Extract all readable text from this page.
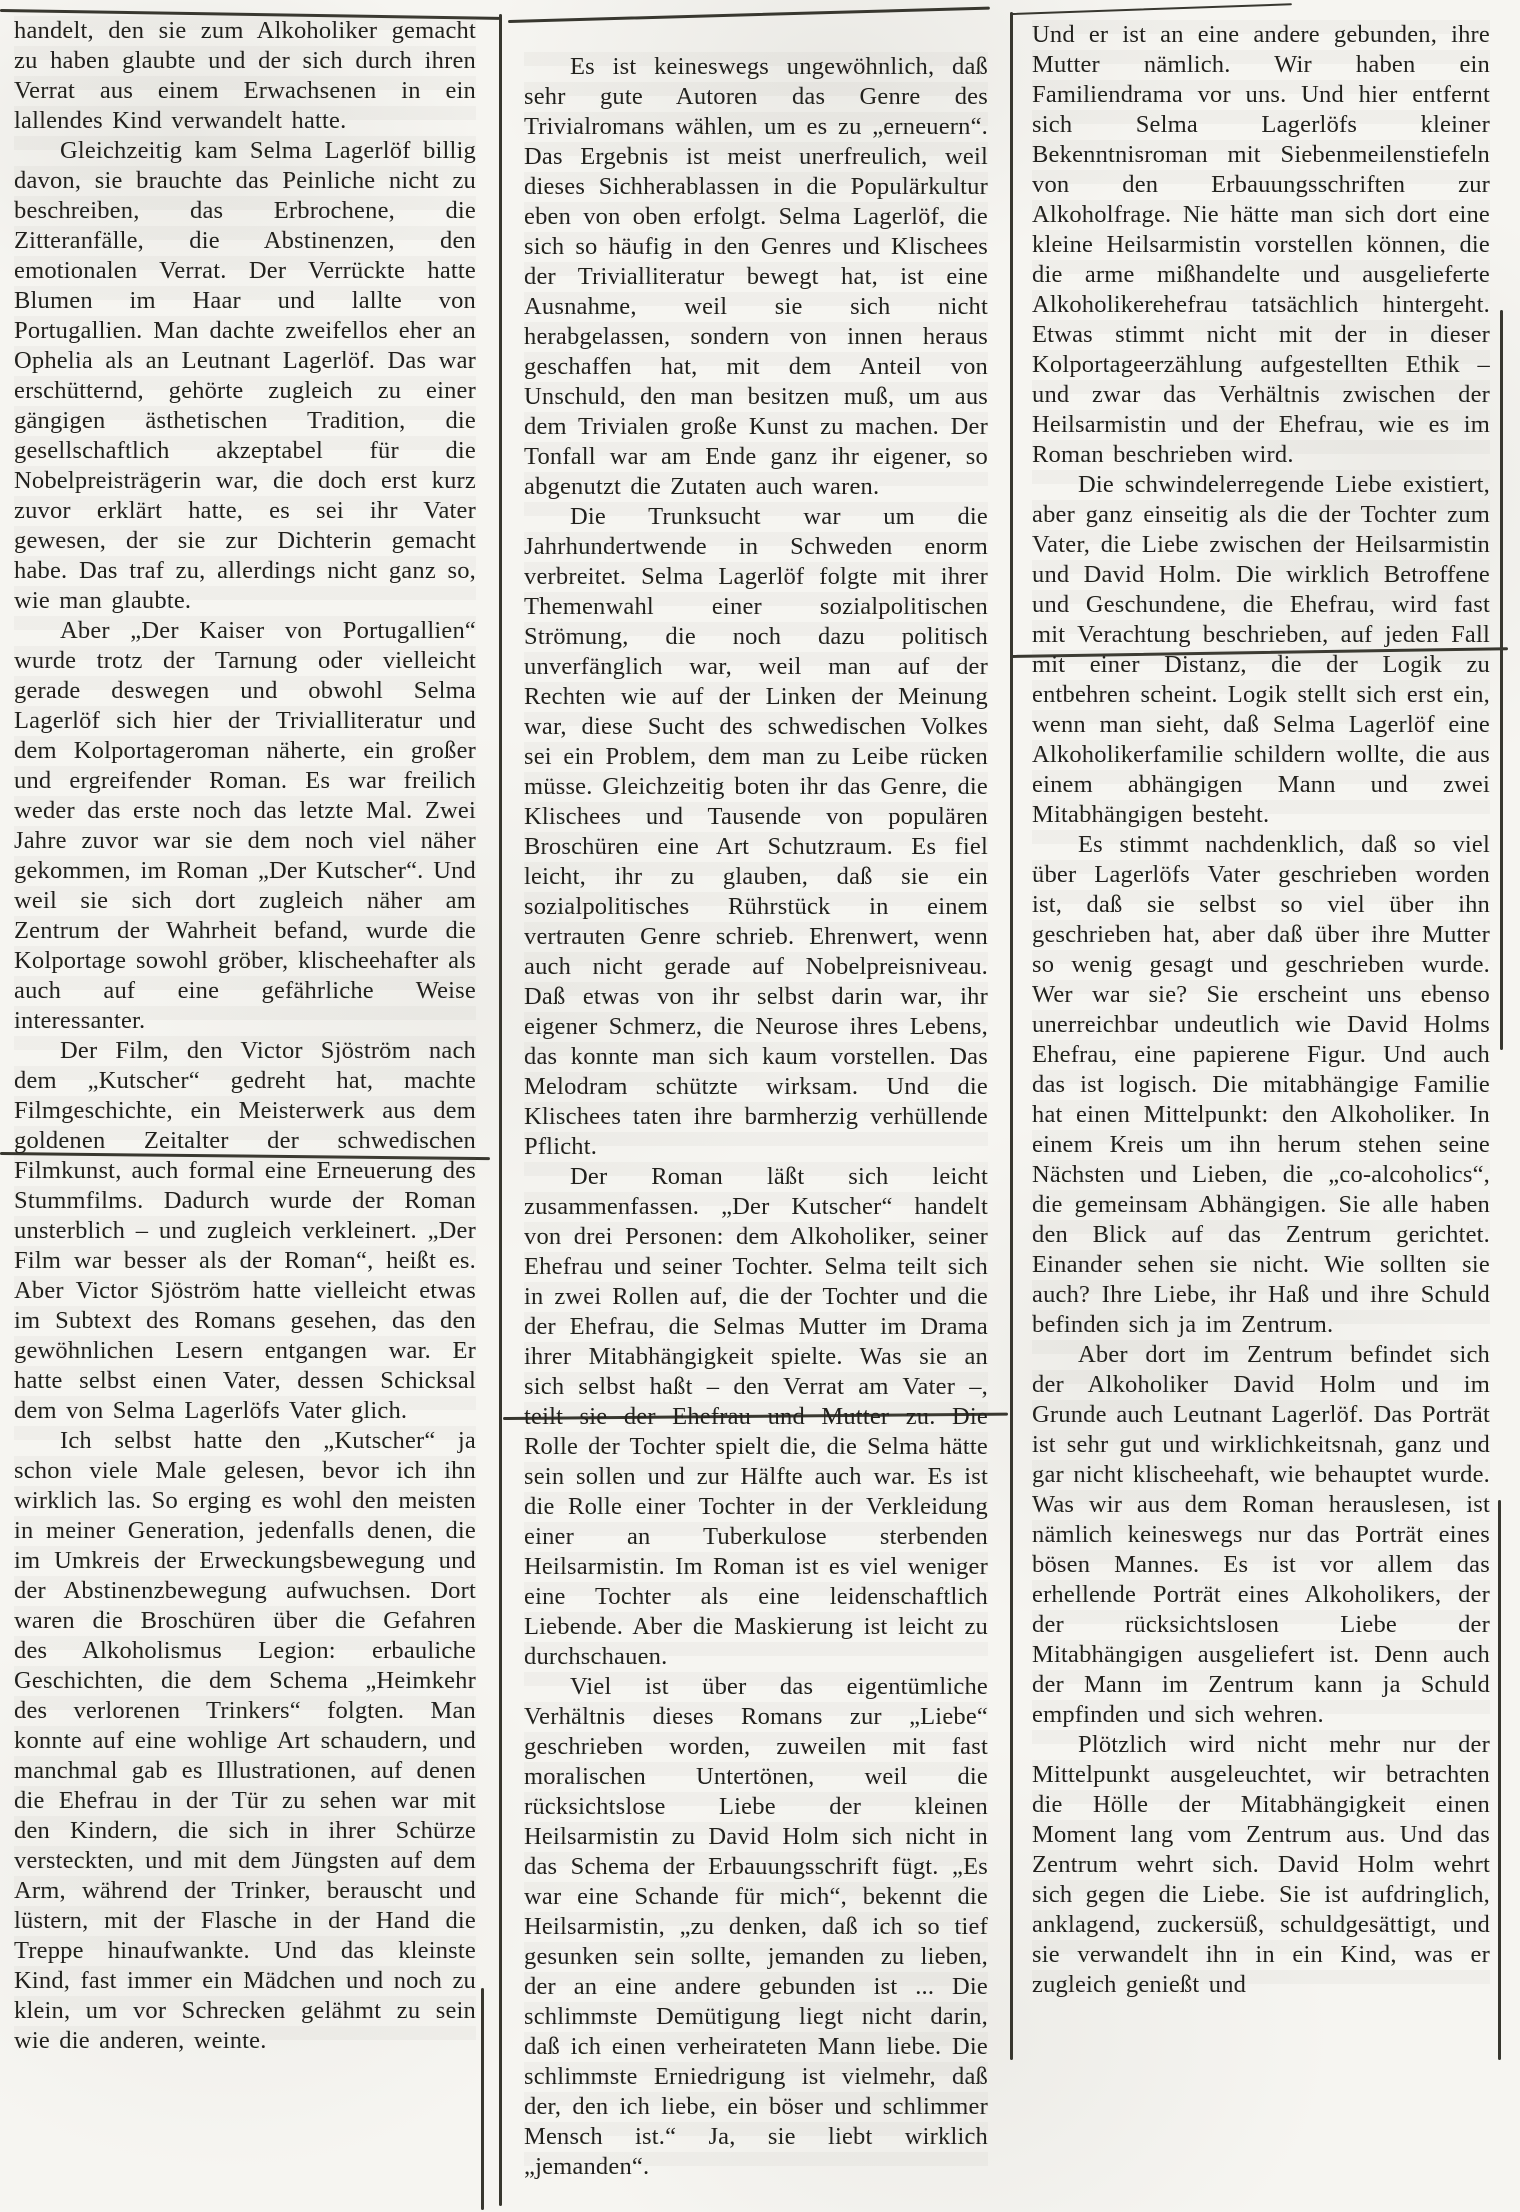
handelt, den sie zum Alkoholiker gemacht zu haben glaubte und der sich durch ihren Verrat aus einem Erwachsenen in ein lallendes Kind verwandelt hatte.

Gleichzeitig kam Selma Lagerlöf billig davon, sie brauchte das Peinliche nicht zu beschreiben, das Erbrochene, die Zitteranfälle, die Abstinenzen, den emotionalen Verrat. Der Verrückte hatte Blumen im Haar und lallte von Portugallien. Man dachte zweifellos eher an Ophelia als an Leutnant Lagerlöf. Das war erschütternd, gehörte zugleich zu einer gängigen ästhetischen Tradition, die gesellschaftlich akzeptabel für die Nobelpreisträgerin war, die doch erst kurz zuvor erklärt hatte, es sei ihr Vater gewesen, der sie zur Dichterin gemacht habe. Das traf zu, allerdings nicht ganz so, wie man glaubte.

Aber „Der Kaiser von Portugallien“ wurde trotz der Tarnung oder vielleicht gerade deswegen und obwohl Selma Lagerlöf sich hier der Trivialliteratur und dem Kolportageroman näherte, ein großer und ergreifender Roman. Es war freilich weder das erste noch das letzte Mal. Zwei Jahre zuvor war sie dem noch viel näher gekommen, im Roman „Der Kutscher“. Und weil sie sich dort zugleich näher am Zentrum der Wahrheit befand, wurde die Kolportage sowohl gröber, klischeehafter als auch auf eine gefährliche Weise interessanter.

Der Film, den Victor Sjöström nach dem „Kutscher“ gedreht hat, machte Filmgeschichte, ein Meisterwerk aus dem goldenen Zeitalter der schwedischen Filmkunst, auch formal eine Erneuerung des Stummfilms. Dadurch wurde der Roman unsterblich – und zugleich verkleinert. „Der Film war besser als der Roman“, heißt es. Aber Victor Sjöström hatte vielleicht etwas im Subtext des Romans gesehen, das den gewöhnlichen Lesern entgangen war. Er hatte selbst einen Vater, dessen Schicksal dem von Selma Lagerlöfs Vater glich.

Ich selbst hatte den „Kutscher“ ja schon viele Male gelesen, bevor ich ihn wirklich las. So erging es wohl den meisten in meiner Generation, jedenfalls denen, die im Umkreis der Erweckungsbewegung und der Abstinenzbewegung aufwuchsen. Dort waren die Broschüren über die Gefahren des Alkoholismus Legion: erbauliche Geschichten, die dem Schema „Heimkehr des verlorenen Trinkers“ folgten. Man konnte auf eine wohlige Art schaudern, und manchmal gab es Illustrationen, auf denen die Ehefrau in der Tür zu sehen war mit den Kindern, die sich in ihrer Schürze versteckten, und mit dem Jüngsten auf dem Arm, während der Trinker, berauscht und lüstern, mit der Flasche in der Hand die Treppe hinaufwankte. Und das kleinste Kind, fast immer ein Mädchen und noch zu klein, um vor Schrecken gelähmt zu sein wie die anderen, weinte.

Es ist keineswegs ungewöhnlich, daß sehr gute Autoren das Genre des Trivialromans wählen, um es zu „erneuern“. Das Ergebnis ist meist unerfreulich, weil dieses Sichherablassen in die Populärkultur eben von oben erfolgt. Selma Lagerlöf, die sich so häufig in den Genres und Klischees der Trivialliteratur bewegt hat, ist eine Ausnahme, weil sie sich nicht herabgelassen, sondern von innen heraus geschaffen hat, mit dem Anteil von Unschuld, den man besitzen muß, um aus dem Trivialen große Kunst zu machen. Der Tonfall war am Ende ganz ihr eigener, so abgenutzt die Zutaten auch waren.

Die Trunksucht war um die Jahrhundertwende in Schweden enorm verbreitet. Selma Lagerlöf folgte mit ihrer Themenwahl einer sozialpolitischen Strömung, die noch dazu politisch unverfänglich war, weil man auf der Rechten wie auf der Linken der Meinung war, diese Sucht des schwedischen Volkes sei ein Problem, dem man zu Leibe rücken müsse. Gleichzeitig boten ihr das Genre, die Klischees und Tausende von populären Broschüren eine Art Schutzraum. Es fiel leicht, ihr zu glauben, daß sie ein sozialpolitisches Rührstück in einem vertrauten Genre schrieb. Ehrenwert, wenn auch nicht gerade auf Nobelpreisniveau. Daß etwas von ihr selbst darin war, ihr eigener Schmerz, die Neurose ihres Lebens, das konnte man sich kaum vorstellen. Das Melodram schützte wirksam. Und die Klischees taten ihre barmherzig verhüllende Pflicht.

Der Roman läßt sich leicht zusammenfassen. „Der Kutscher“ handelt von drei Personen: dem Alkoholiker, seiner Ehefrau und seiner Tochter. Selma teilt sich in zwei Rollen auf, die der Tochter und die der Ehefrau, die Selmas Mutter im Drama ihrer Mitabhängigkeit spielte. Was sie an sich selbst haßt – den Verrat am Vater –, teilt sie der Ehefrau und Mutter zu. Die Rolle der Tochter spielt die, die Selma hätte sein sollen und zur Hälfte auch war. Es ist die Rolle einer Tochter in der Verkleidung einer an Tuberkulose sterbenden Heilsarmistin. Im Roman ist es viel weniger eine Tochter als eine leidenschaftlich Liebende. Aber die Maskierung ist leicht zu durchschauen.

Viel ist über das eigentümliche Verhältnis dieses Romans zur „Liebe“ geschrieben worden, zuweilen mit fast moralischen Untertönen, weil die rücksichtslose Liebe der kleinen Heilsarmistin zu David Holm sich nicht in das Schema der Erbauungsschrift fügt. „Es war eine Schande für mich“, bekennt die Heilsarmistin, „zu denken, daß ich so tief gesunken sein sollte, jemanden zu lieben, der an eine andere gebunden ist ... Die schlimmste Demütigung liegt nicht darin, daß ich einen verheirateten Mann liebe. Die schlimmste Erniedrigung ist vielmehr, daß der, den ich liebe, ein böser und schlimmer Mensch ist.“ Ja, sie liebt wirklich „jemanden“.

Und er ist an eine andere gebunden, ihre Mutter nämlich. Wir haben ein Familiendrama vor uns. Und hier entfernt sich Selma Lagerlöfs kleiner Bekenntnisroman mit Siebenmeilenstiefeln von den Erbauungsschriften zur Alkoholfrage. Nie hätte man sich dort eine kleine Heilsarmistin vorstellen können, die die arme mißhandelte und ausgelieferte Alkoholikerehefrau tatsächlich hintergeht. Etwas stimmt nicht mit der in dieser Kolportageerzählung aufgestellten Ethik – und zwar das Verhältnis zwischen der Heilsarmistin und der Ehefrau, wie es im Roman beschrieben wird.

Die schwindelerregende Liebe existiert, aber ganz einseitig als die der Tochter zum Vater, die Liebe zwischen der Heilsarmistin und David Holm. Die wirklich Betroffene und Geschundene, die Ehefrau, wird fast mit Verachtung beschrieben, auf jeden Fall mit einer Distanz, die der Logik zu entbehren scheint. Logik stellt sich erst ein, wenn man sieht, daß Selma Lagerlöf eine Alkoholikerfamilie schildern wollte, die aus einem abhängigen Mann und zwei Mitabhängigen besteht.

Es stimmt nachdenklich, daß so viel über Lagerlöfs Vater geschrieben worden ist, daß sie selbst so viel über ihn geschrieben hat, aber daß über ihre Mutter so wenig gesagt und geschrieben wurde. Wer war sie? Sie erscheint uns ebenso unerreichbar undeutlich wie David Holms Ehefrau, eine papierene Figur. Und auch das ist logisch. Die mitabhängige Familie hat einen Mittelpunkt: den Alkoholiker. In einem Kreis um ihn herum stehen seine Nächsten und Lieben, die „co-alcoholics“, die gemeinsam Abhängigen. Sie alle haben den Blick auf das Zentrum gerichtet. Einander sehen sie nicht. Wie sollten sie auch? Ihre Liebe, ihr Haß und ihre Schuld befinden sich ja im Zentrum.

Aber dort im Zentrum befindet sich der Alkoholiker David Holm und im Grunde auch Leutnant Lagerlöf. Das Porträt ist sehr gut und wirklichkeitsnah, ganz und gar nicht klischeehaft, wie behauptet wurde. Was wir aus dem Roman herauslesen, ist nämlich keineswegs nur das Porträt eines bösen Mannes. Es ist vor allem das erhellende Porträt eines Alkoholikers, der der rücksichtslosen Liebe der Mitabhängigen ausgeliefert ist. Denn auch der Mann im Zentrum kann ja Schuld empfinden und sich wehren.

Plötzlich wird nicht mehr nur der Mittelpunkt ausgeleuchtet, wir betrachten die Hölle der Mitabhängigkeit einen Moment lang vom Zentrum aus. Und das Zentrum wehrt sich. David Holm wehrt sich gegen die Liebe. Sie ist aufdringlich, anklagend, zuckersüß, schuldgesättigt, und sie verwandelt ihn in ein Kind, was er zugleich genießt und
